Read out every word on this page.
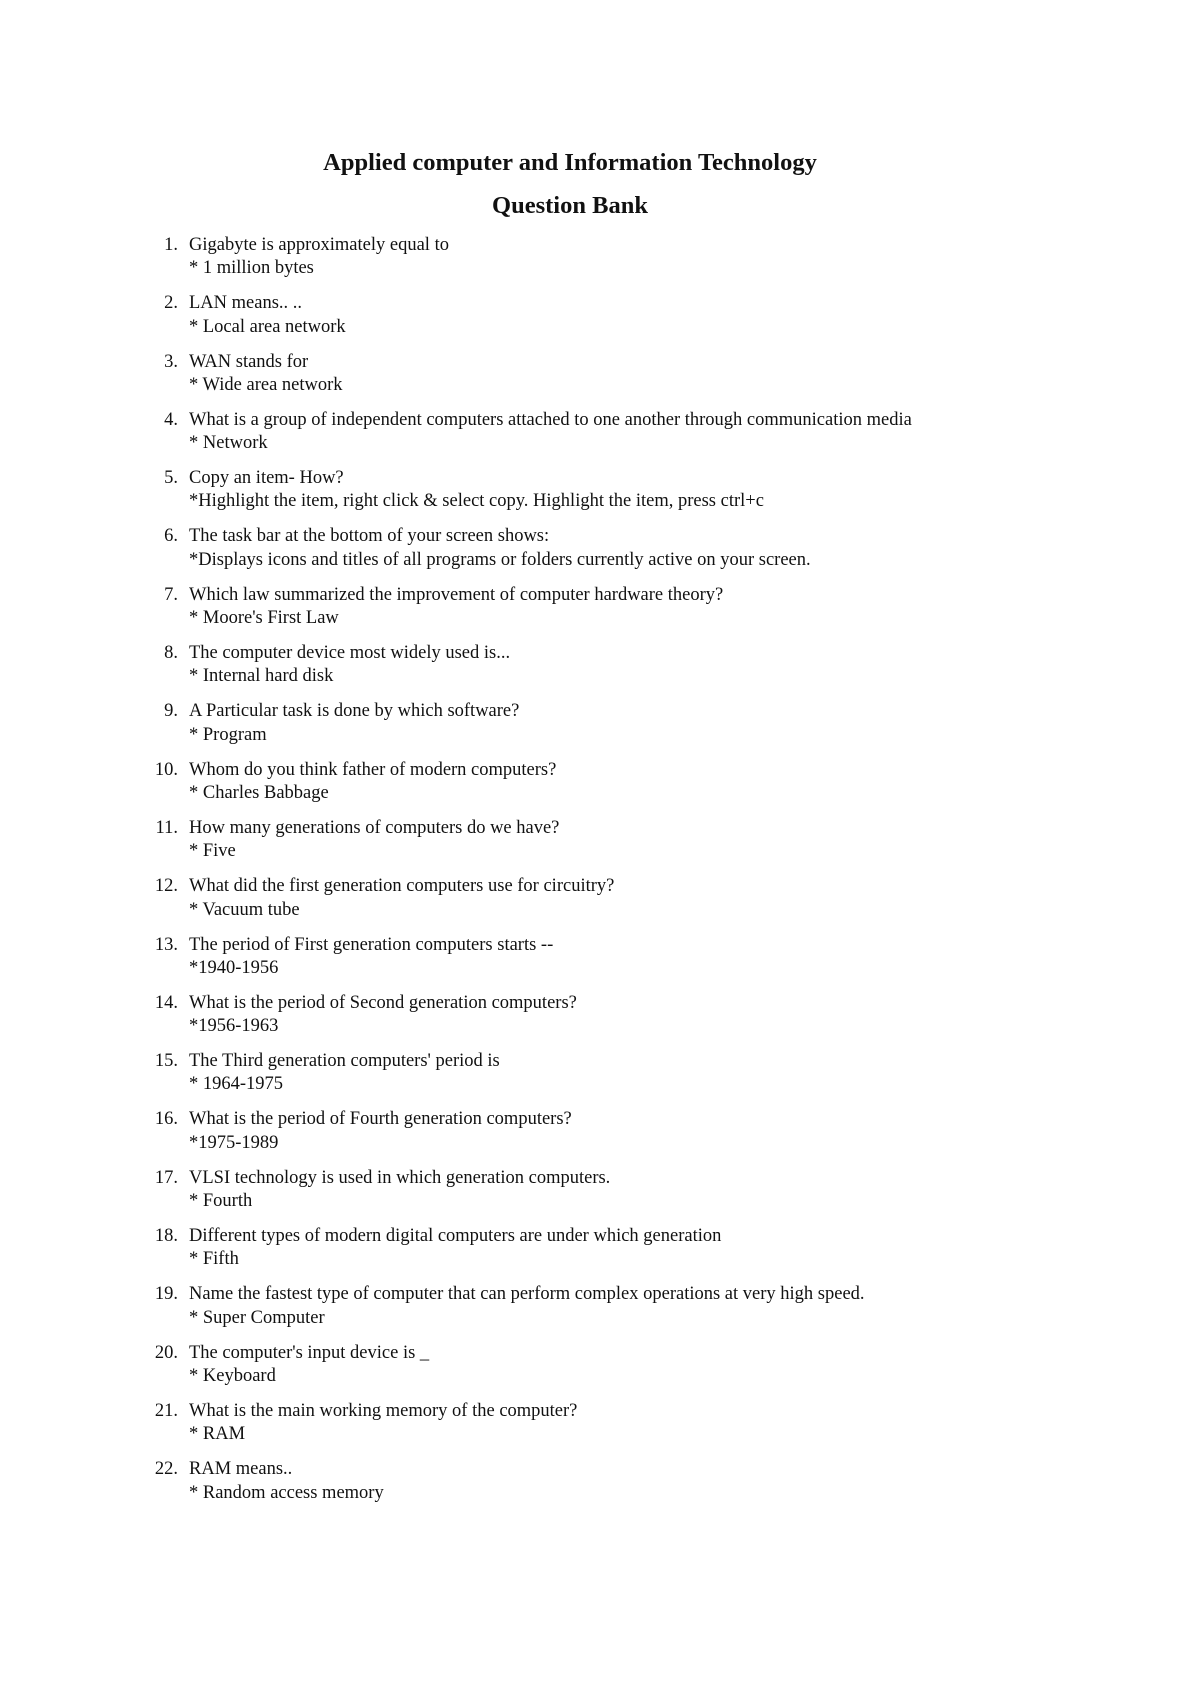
Applied computer and Information Technology
Question Bank
1. Gigabyte is approximately equal to
* 1 million bytes
2. LAN means.. ..
* Local area network
3. WAN stands for
* Wide area network
4. What is a group of independent computers attached to one another through communication media
* Network
5. Copy an item- How?
*Highlight the item, right click & select copy. Highlight the item, press ctrl+c
6. The task bar at the bottom of your screen shows:
*Displays icons and titles of all programs or folders currently active on your screen.
7. Which law summarized the improvement of computer hardware theory?
* Moore's First Law
8. The computer device most widely used is...
* Internal hard disk
9. A Particular task is done by which software?
* Program
10. Whom do you think father of modern computers?
* Charles Babbage
11. How many generations of computers do we have?
* Five
12. What did the first generation computers use for circuitry?
* Vacuum tube
13. The period of First generation computers starts --
*1940-1956
14. What is the period of Second generation computers?
*1956-1963
15. The Third generation computers' period is
* 1964-1975
16. What is the period of Fourth generation computers?
*1975-1989
17. VLSI technology is used in which generation computers.
* Fourth
18. Different types of modern digital computers are under which generation
* Fifth
19. Name the fastest type of computer that can perform complex operations at very high speed.
* Super Computer
20. The computer's input device is _
* Keyboard
21. What is the main working memory of the computer?
* RAM
22. RAM means..
* Random access memory
